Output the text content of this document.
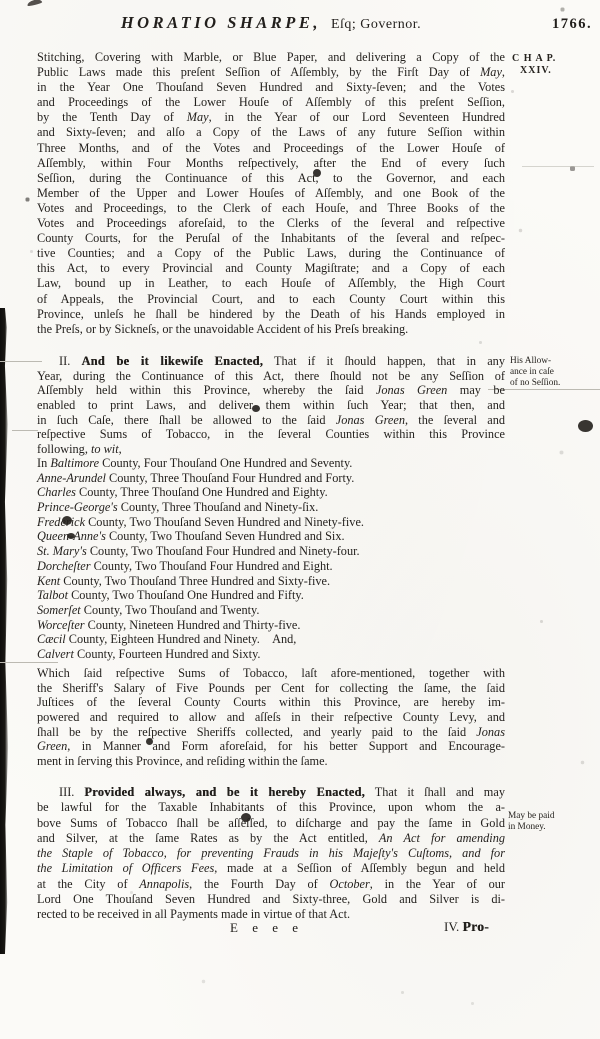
HORATIO SHARPE, Eſq; Governor.	1766.
Stitching, Covering with Marble, or Blue Paper, and delivering a Copy of the
Public Laws made this preſent Seſſion of Aſſembly, by the Firſt Day of May,
in the Year One Thouſand Seven Hundred and Sixty-ſeven; and the Votes
and Proceedings of the Lower Houſe of Aſſembly of this preſent Seſſion,
by the Tenth Day of May, in the Year of our Lord Seventeen Hundred
and Sixty-ſeven; and alſo a Copy of the Laws of any future Seſſion within
Three Months, and of the Votes and Proceedings of the Lower Houſe of
Aſſembly, within Four Months reſpectively, after the End of every ſuch
Seſſion, during the Continuance of this Act, to the Governor, and each
Member of the Upper and Lower Houſes of Aſſembly, and one Book of the
Votes and Proceedings, to the Clerk of each Houſe, and Three Books of the
Votes and Proceedings aforeſaid, to the Clerks of the ſeveral and reſpective
County Courts, for the Peruſal of the Inhabitants of the ſeveral and reſpec-
tive Counties; and a Copy of the Public Laws, during the Continuance of
this Act, to every Provincial and County Magiſtrate; and a Copy of each
Law, bound up in Leather, to each Houſe of Aſſembly, the High Court
of Appeals, the Provincial Court, and to each County Court within this
Province, unleſs he ſhall be hindered by the Death of his Hands employed in
the Preſs, or by Sickneſs, or the unavoidable Accident of his Preſs breaking.
II. And be it likewiſe Enacted, That if it ſhould happen, that in any
Year, during the Continuance of this Act, there ſhould not be any Seſſion of
Aſſembly held within this Province, whereby the ſaid Jonas Green may be
enabled to print Laws, and deliver them within ſuch Year; that then, and
in ſuch Caſe, there ſhall be allowed to the ſaid Jonas Green, the ſeveral and
reſpective Sums of Tobacco, in the ſeveral Counties within this Province
following, to wit,
In Baltimore County, Four Thouſand One Hundred and Seventy.
Anne-Arundel County, Three Thouſand Four Hundred and Forty.
Charles County, Three Thouſand One Hundred and Eighty.
Prince-George's County, Three Thouſand and Ninety-ſix.
Frederick County, Two Thouſand Seven Hundred and Ninety-five.
Queen-Anne's County, Two Thouſand Seven Hundred and Six.
St. Mary's County, Two Thouſand Four Hundred and Ninety-four.
Dorcheſter County, Two Thouſand Four Hundred and Eight.
Kent County, Two Thouſand Three Hundred and Sixty-five.
Talbot County, Two Thouſand One Hundred and Fifty.
Somerſet County, Two Thouſand and Twenty.
Worceſter County, Nineteen Hundred and Thirty-five.
Cæcil County, Eighteen Hundred and Ninety. And,
Calvert County, Fourteen Hundred and Sixty.
Which ſaid reſpective Sums of Tobacco, laſt afore-mentioned, together with
the Sheriff's Salary of Five Pounds per Cent for collecting the ſame, the ſaid
Juſtices of the ſeveral County Courts within this Province, are hereby im-
powered and required to allow and aſſeſs in their reſpective County Levy, and
ſhall be by the reſpective Sheriffs collected, and yearly paid to the ſaid Jonas
Green, in Manner and Form aforeſaid, for his better Support and Encourage-
ment in ſerving this Province, and reſiding within the ſame.
III. Provided always, and be it hereby Enacted, That it ſhall and may
be lawful for the Taxable Inhabitants of this Province, upon whom the a-
bove Sums of Tobacco ſhall be aſſeſſed, to diſcharge and pay the ſame in Gold
and Silver, at the ſame Rates as by the Act entitled, An Act for amending
the Staple of Tobacco, for preventing Frauds in his Majeſty's Cuſtoms, and for
the Limitation of Officers Fees, made at a Seſſion of Aſſembly begun and held
at the City of Annapolis, the Fourth Day of October, in the Year of our
Lord One Thouſand Seven Hundred and Sixty-three, Gold and Silver is di-
rected to be received in all Payments made in virtue of that Act.
C H A P.
XXIV.
His Allow-
ance in caſe
of no Seſſion.
May be paid
in Money.
E e e e	IV. Pro-
